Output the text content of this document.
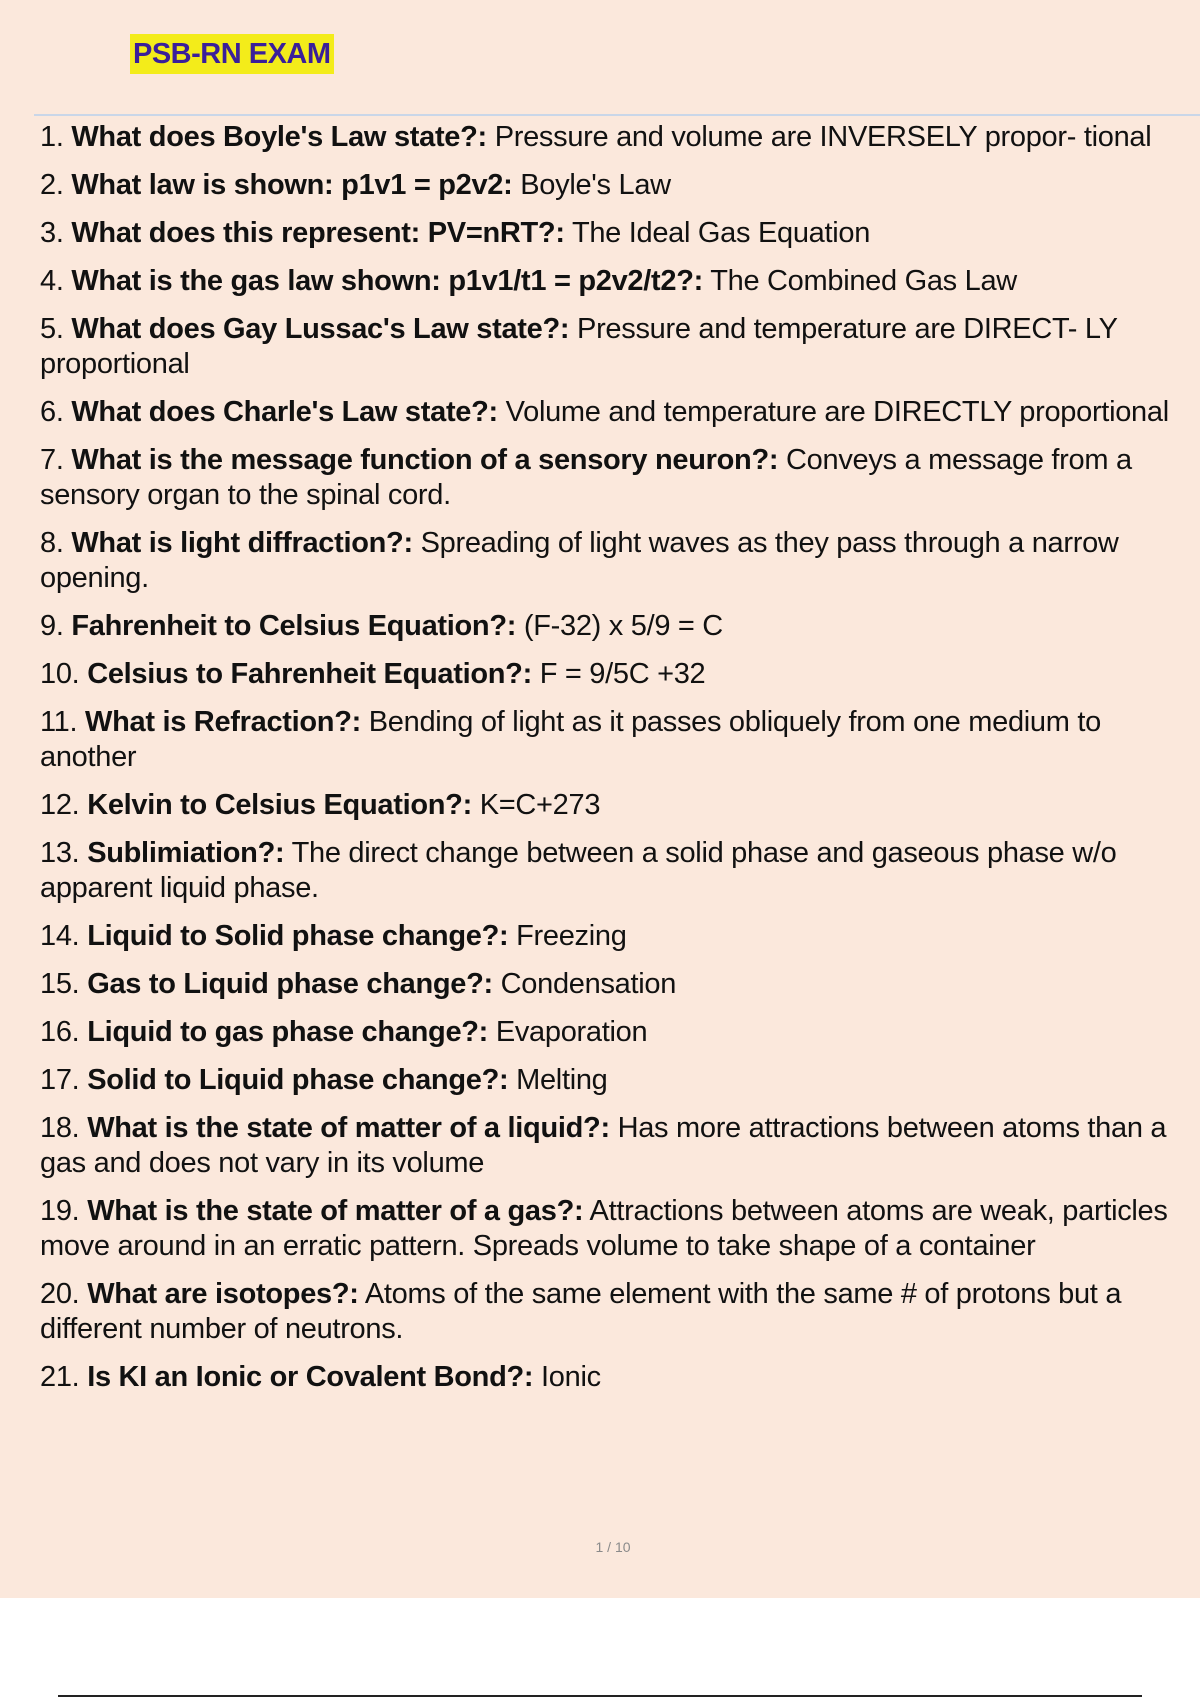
PSB-RN EXAM
1. What does Boyle's Law state?: Pressure and volume are INVERSELY propor- tional
2. What law is shown: p1v1 = p2v2: Boyle's Law
3. What does this represent: PV=nRT?: The Ideal Gas Equation
4. What is the gas law shown: p1v1/t1 = p2v2/t2?: The Combined Gas Law
5. What does Gay Lussac's Law state?: Pressure and temperature are DIRECT- LY proportional
6. What does Charle's Law state?: Volume and temperature are DIRECTLY proportional
7. What is the message function of a sensory neuron?: Conveys a message from a sensory organ to the spinal cord.
8. What is light diffraction?: Spreading of light waves as they pass through a narrow opening.
9. Fahrenheit to Celsius Equation?: (F-32) x 5/9 = C
10. Celsius to Fahrenheit Equation?: F = 9/5C +32
11. What is Refraction?: Bending of light as it passes obliquely from one medium to another
12. Kelvin to Celsius Equation?: K=C+273
13. Sublimiation?: The direct change between a solid phase and gaseous phase w/o apparent liquid phase.
14. Liquid to Solid phase change?: Freezing
15. Gas to Liquid phase change?: Condensation
16. Liquid to gas phase change?: Evaporation
17. Solid to Liquid phase change?: Melting
18. What is the state of matter of a liquid?: Has more attractions between atoms than a gas and does not vary in its volume
19. What is the state of matter of a gas?: Attractions between atoms are weak, particles move around in an erratic pattern. Spreads volume to take shape of a container
20. What are isotopes?: Atoms of the same element with the same # of protons but a different number of neutrons.
21. Is KI an Ionic or Covalent Bond?: Ionic
1 / 10
